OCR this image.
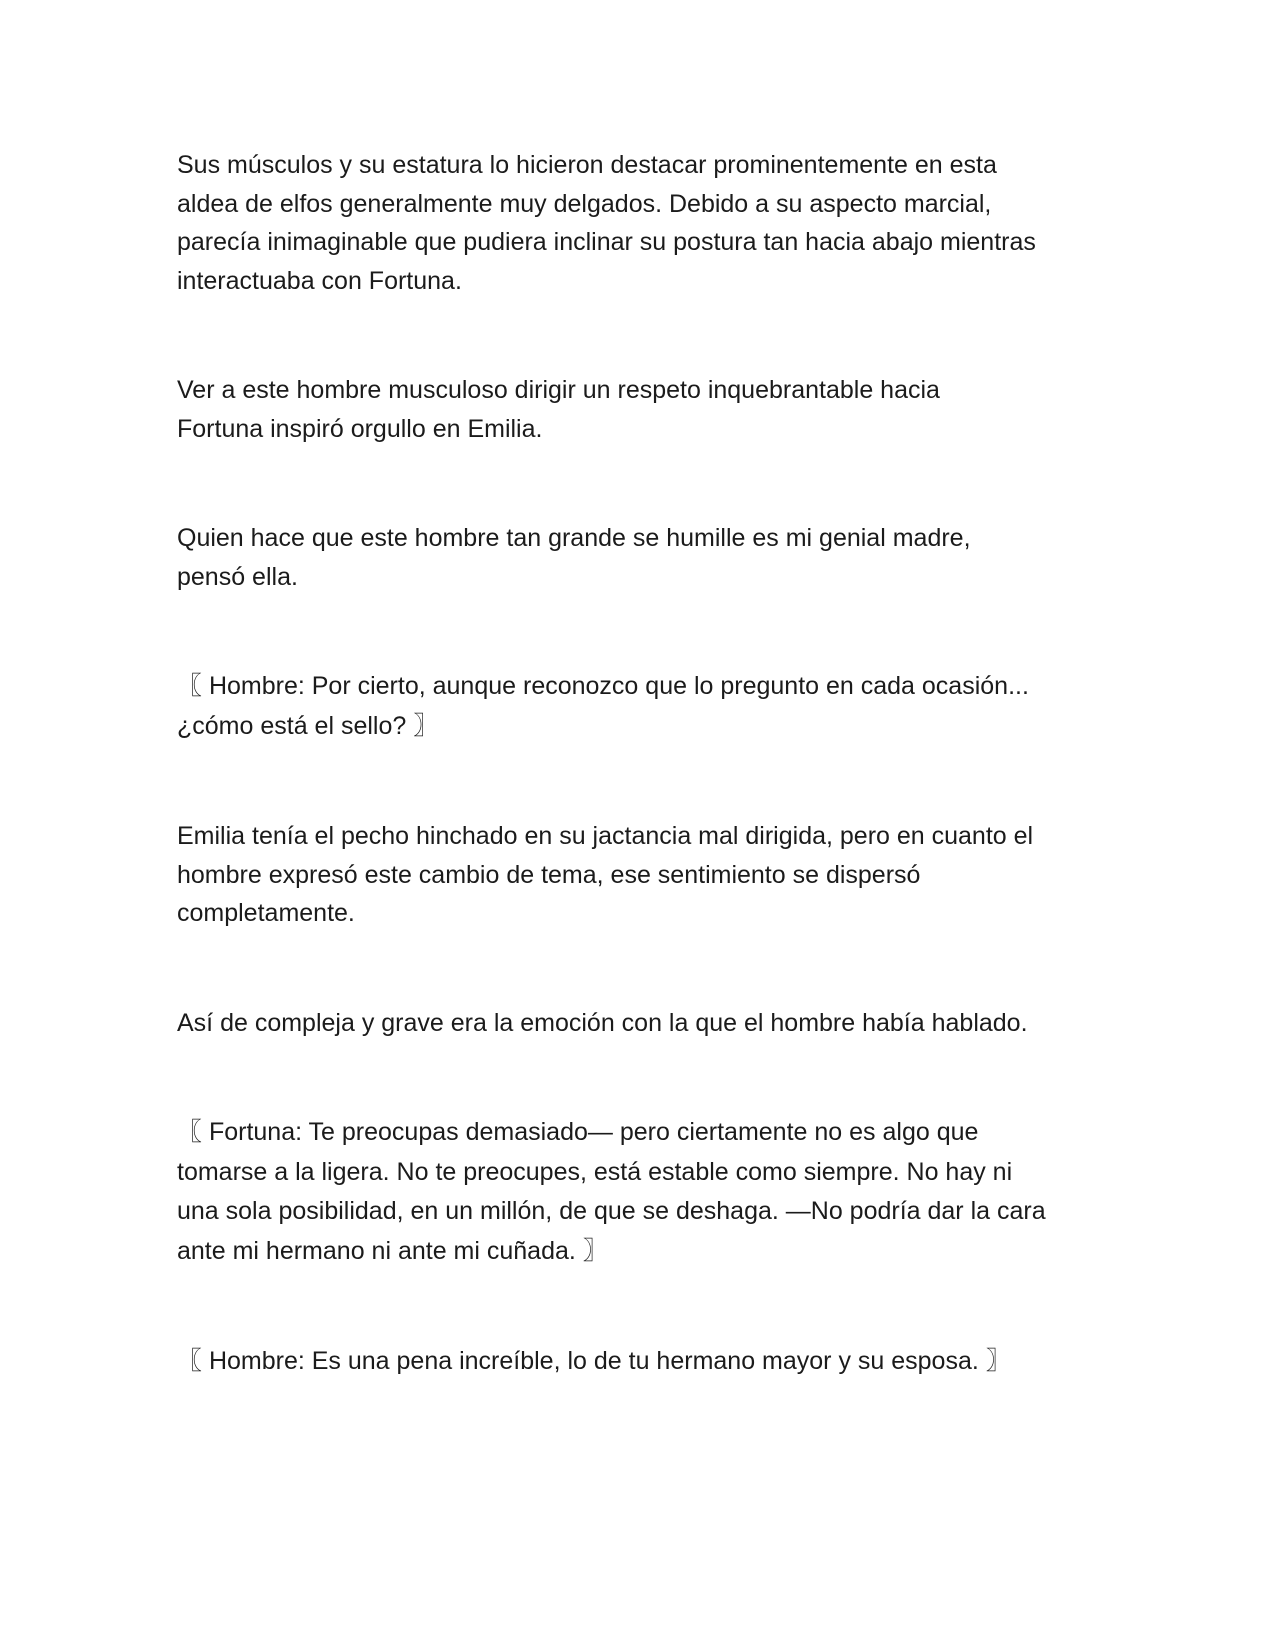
Sus músculos y su estatura lo hicieron destacar prominentemente en esta
aldea de elfos generalmente muy delgados. Debido a su aspecto marcial,
parecía inimaginable que pudiera inclinar su postura tan hacia abajo mientras
interactuaba con Fortuna.

Ver a este hombre musculoso dirigir un respeto inquebrantable hacia
Fortuna inspiró orgullo en Emilia.

Quien hace que este hombre tan grande se humille es mi genial madre,
pensó ella.

〖 Hombre: Por cierto, aunque reconozco que lo pregunto en cada ocasión...
¿cómo está el sello? 〗

Emilia tenía el pecho hinchado en su jactancia mal dirigida, pero en cuanto el
hombre expresó este cambio de tema, ese sentimiento se dispersó
completamente.

Así de compleja y grave era la emoción con la que el hombre había hablado.

〖 Fortuna: Te preocupas demasiado— pero ciertamente no es algo que
tomarse a la ligera. No te preocupes, está estable como siempre. No hay ni
una sola posibilidad, en un millón, de que se deshaga. —No podría dar la cara
ante mi hermano ni ante mi cuñada. 〗

〖 Hombre: Es una pena increíble, lo de tu hermano mayor y su esposa. 〗
